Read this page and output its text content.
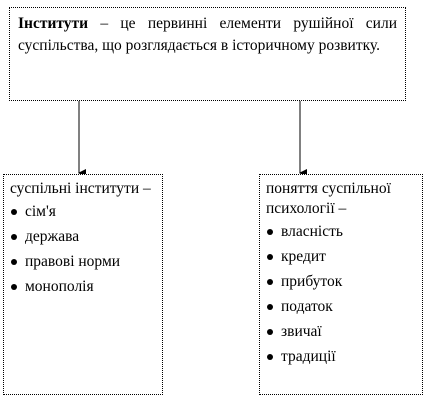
Інститути – це первинні елементи рушійної сили суспільства, що розглядається в історичному розвитку.
суспільні інститути –
сім'я
держава
правові норми
монополія
поняття суспільної психології –
власність
кредит
прибуток
податок
звичаї
традиції
